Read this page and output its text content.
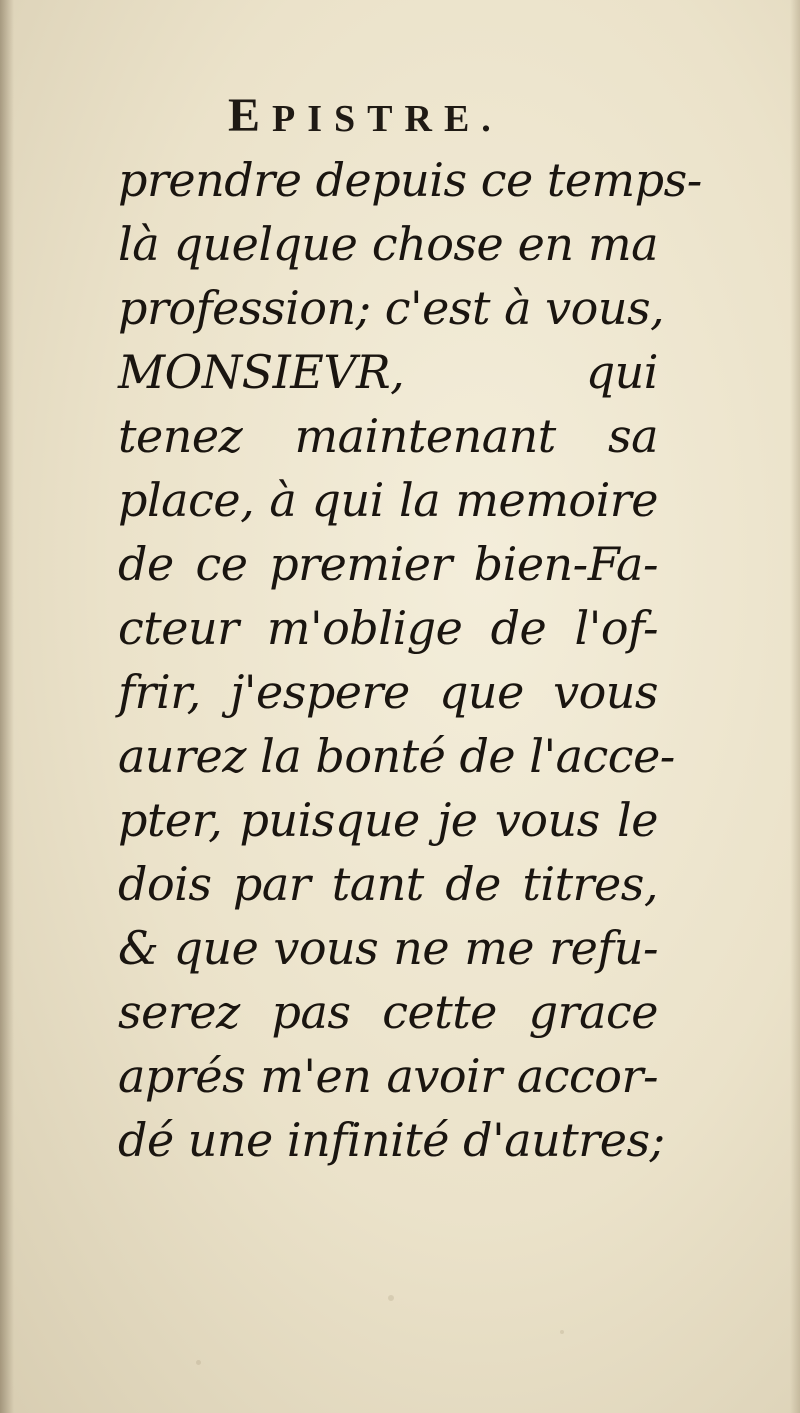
EPISTRE.
prendre depuis ce temps-
là quelque chose en ma
profession; c'est à vous,
MONSIEVR, qui
tenez maintenant sa
place, à qui la memoire
de ce premier bien-Fa-
cteur m'oblige de l'of-
frir, j'espere que vous
aurez la bonté de l'acce-
pter, puisque je vous le
dois par tant de titres,
& que vous ne me refu-
serez pas cette grace
aprés m'en avoir accor-
dé une infinité d'autres;
